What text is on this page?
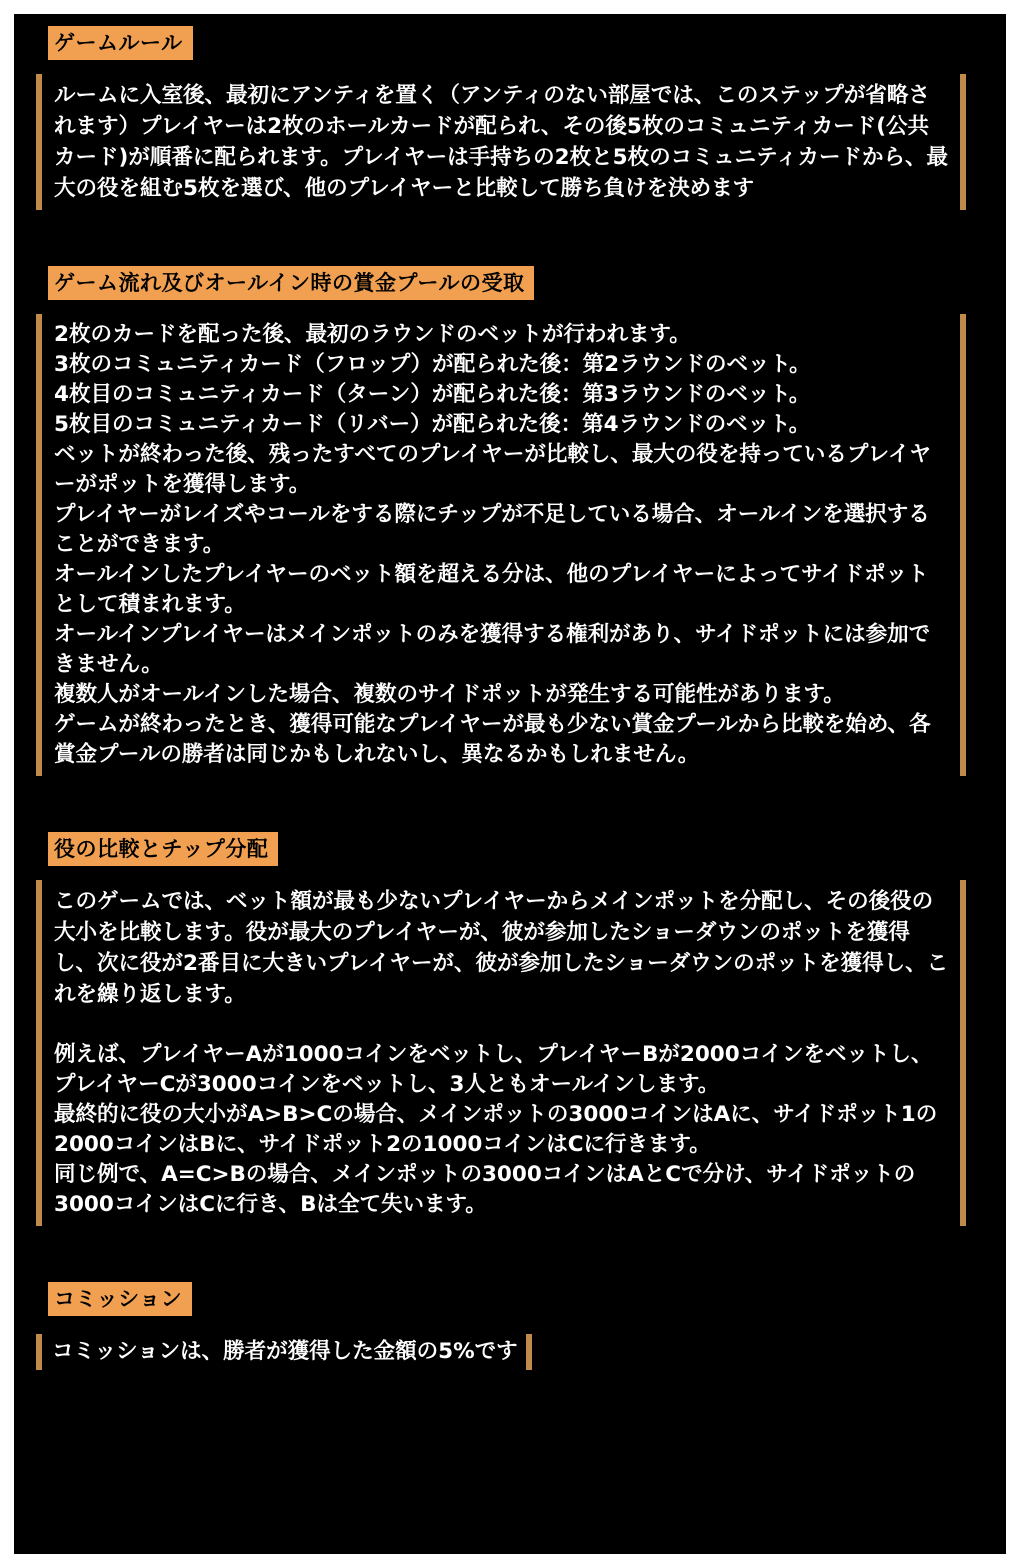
ゲームルール
ルームに入室後、最初にアンティを置く（アンティのない部屋では、このステップが省略されます）プレイヤーは2枚のホールカードが配られ、その後5枚のコミュニティカード(公共カード)が順番に配られます。プレイヤーは手持ちの2枚と5枚のコミュニティカードから、最大の役を組む5枚を選び、他のプレイヤーと比較して勝ち負けを決めます
ゲーム流れ及びオールイン時の賞金プールの受取
2枚のカードを配った後、最初のラウンドのベットが行われます。
3枚のコミュニティカード（フロップ）が配られた後：第2ラウンドのベット。
4枚目のコミュニティカード（ターン）が配られた後：第3ラウンドのベット。
5枚目のコミュニティカード（リバー）が配られた後：第4ラウンドのベット。
ベットが終わった後、残ったすべてのプレイヤーが比較し、最大の役を持っているプレイヤーがポットを獲得します。
プレイヤーがレイズやコールをする際にチップが不足している場合、オールインを選択することができます。
オールインしたプレイヤーのベット額を超える分は、他のプレイヤーによってサイドポットとして積まれます。
オールインプレイヤーはメインポットのみを獲得する権利があり、サイドポットには参加できません。
複数人がオールインした場合、複数のサイドポットが発生する可能性があります。
ゲームが終わったとき、獲得可能なプレイヤーが最も少ない賞金プールから比較を始め、各賞金プールの勝者は同じかもしれないし、異なるかもしれません。
役の比較とチップ分配
このゲームでは、ベット額が最も少ないプレイヤーからメインポットを分配し、その後役の大小を比較します。役が最大のプレイヤーが、彼が参加したショーダウンのポットを獲得し、次に役が2番目に大きいプレイヤーが、彼が参加したショーダウンのポットを獲得し、これを繰り返します。
例えば、プレイヤーAが1000コインをベットし、プレイヤーBが2000コインをベットし、プレイヤーCが3000コインをベットし、3人ともオールインします。
最終的に役の大小がA>B>Cの場合、メインポットの3000コインはAに、サイドポット1の2000コインはBに、サイドポット2の1000コインはCに行きます。
同じ例で、A=C>Bの場合、メインポットの3000コインはAとCで分け、サイドポットの3000コインはCに行き、Bは全て失います。
コミッション
コミッションは、勝者が獲得した金額の5%です
